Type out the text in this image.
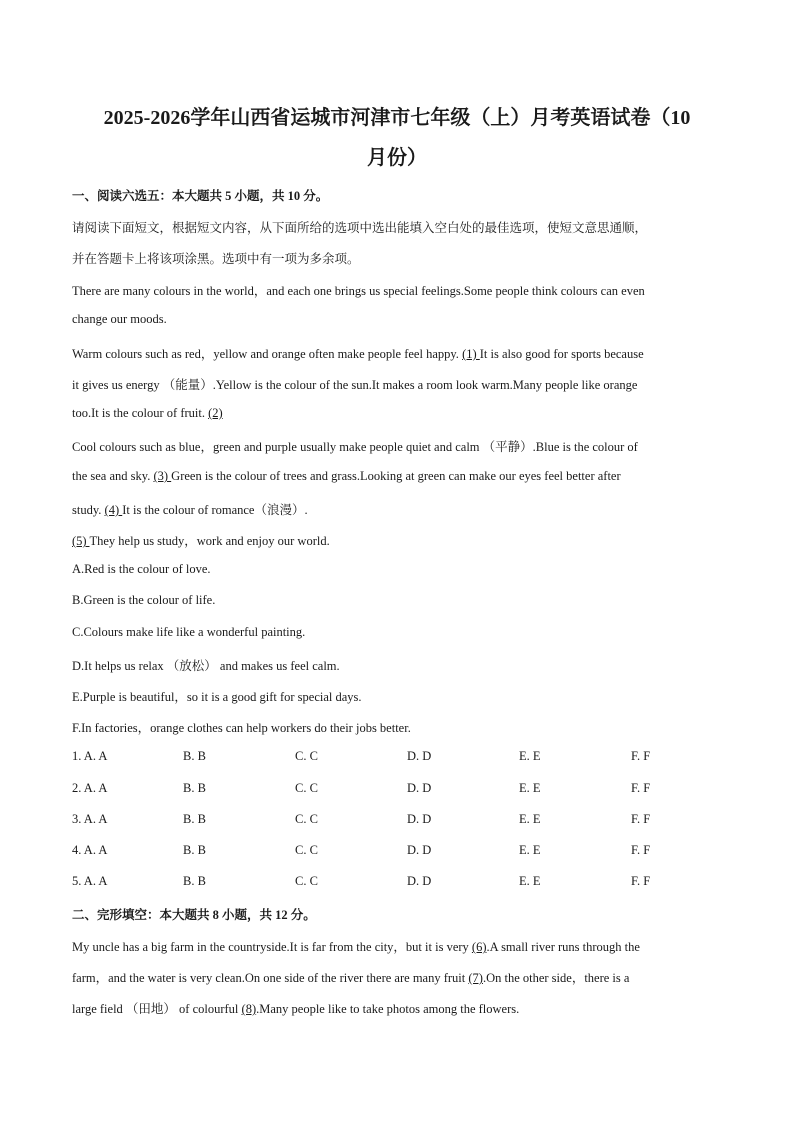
2025-2026学年山西省运城市河津市七年级（上）月考英语试卷（10
月份）
一、阅读六选五：本大题共 5 小题，共 10 分。
请阅读下面短文，根据短文内容，从下面所给的选项中选出能填入空白处的最佳选项，使短文意思通顺，
并在答题卡上将该项涂黑。选项中有一项为多余项。
There are many colours in the world，and each one brings us special feelings.Some people think colours can even
change our moods.
Warm colours such as red，yellow and orange often make people feel happy. (1) It is also good for sports because
it gives us energy （能量）.Yellow is the colour of the sun.It makes a room look warm.Many people like orange
too.It is the colour of fruit. (2)
Cool colours such as blue，green and purple usually make people quiet and calm （平静）.Blue is the colour of
the sea and sky. (3) Green is the colour of trees and grass.Looking at green can make our eyes feel better after
study. (4) It is the colour of romance（浪漫）.
(5) They help us study，work and enjoy our world.
A.Red is the colour of love.
B.Green is the colour of life.
C.Colours make life like a wonderful painting.
D.It helps us relax （放松） and makes us feel calm.
E.Purple is beautiful，so it is a good gift for special days.
F.In factories，orange clothes can help workers do their jobs better.
1. A. A	B. B	C. C	D. D	E. E	F. F
2. A. A	B. B	C. C	D. D	E. E	F. F
3. A. A	B. B	C. C	D. D	E. E	F. F
4. A. A	B. B	C. C	D. D	E. E	F. F
5. A. A	B. B	C. C	D. D	E. E	F. F
二、完形填空：本大题共 8 小题，共 12 分。
My uncle has a big farm in the countryside.It is far from the city，but it is very (6).A small river runs through the
farm，and the water is very clean.On one side of the river there are many fruit (7).On the other side，there is a
large field （田地） of colourful (8).Many people like to take photos among the flowers.
